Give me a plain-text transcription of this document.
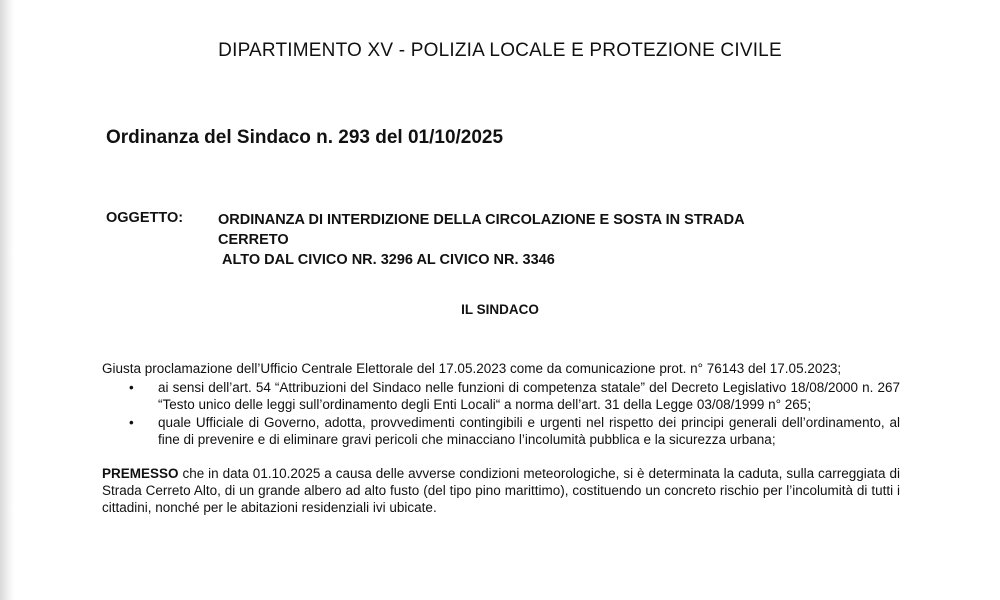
DIPARTIMENTO XV - POLIZIA LOCALE E PROTEZIONE CIVILE
Ordinanza del Sindaco n. 293 del 01/10/2025
OGGETTO: ORDINANZA DI INTERDIZIONE DELLA CIRCOLAZIONE E SOSTA IN STRADA
CERRETO
ALTO DAL CIVICO NR. 3296 AL CIVICO NR. 3346
IL SINDACO

Giusta proclamazione dell’Ufficio Centrale Elettorale del 17.05.2023 come da comunicazione prot. n° 76143 del 17.05.2023;

• ai sensi dell’art. 54 “Attribuzioni del Sindaco nelle funzioni di competenza statale” del Decreto Legislativo 18/08/2000 n. 267 “Testo unico delle leggi sull’ordinamento degli Enti Locali“ a norma dell’art. 31 della Legge 03/08/1999 n° 265;
• quale Ufficiale di Governo, adotta, provvedimenti contingibili e urgenti nel rispetto dei principi generali dell’ordinamento, al fine di prevenire e di eliminare gravi pericoli che minacciano l’incolumità pubblica e la sicurezza urbana;

PREMESSO che in data 01.10.2025 a causa delle avverse condizioni meteorologiche, si è determinata la caduta, sulla carreggiata di Strada Cerreto Alto, di un grande albero ad alto fusto (del tipo pino marittimo), costituendo un concreto rischio per l’incolumità di tutti i cittadini, nonché per le abitazioni residenziali ivi ubicate.
